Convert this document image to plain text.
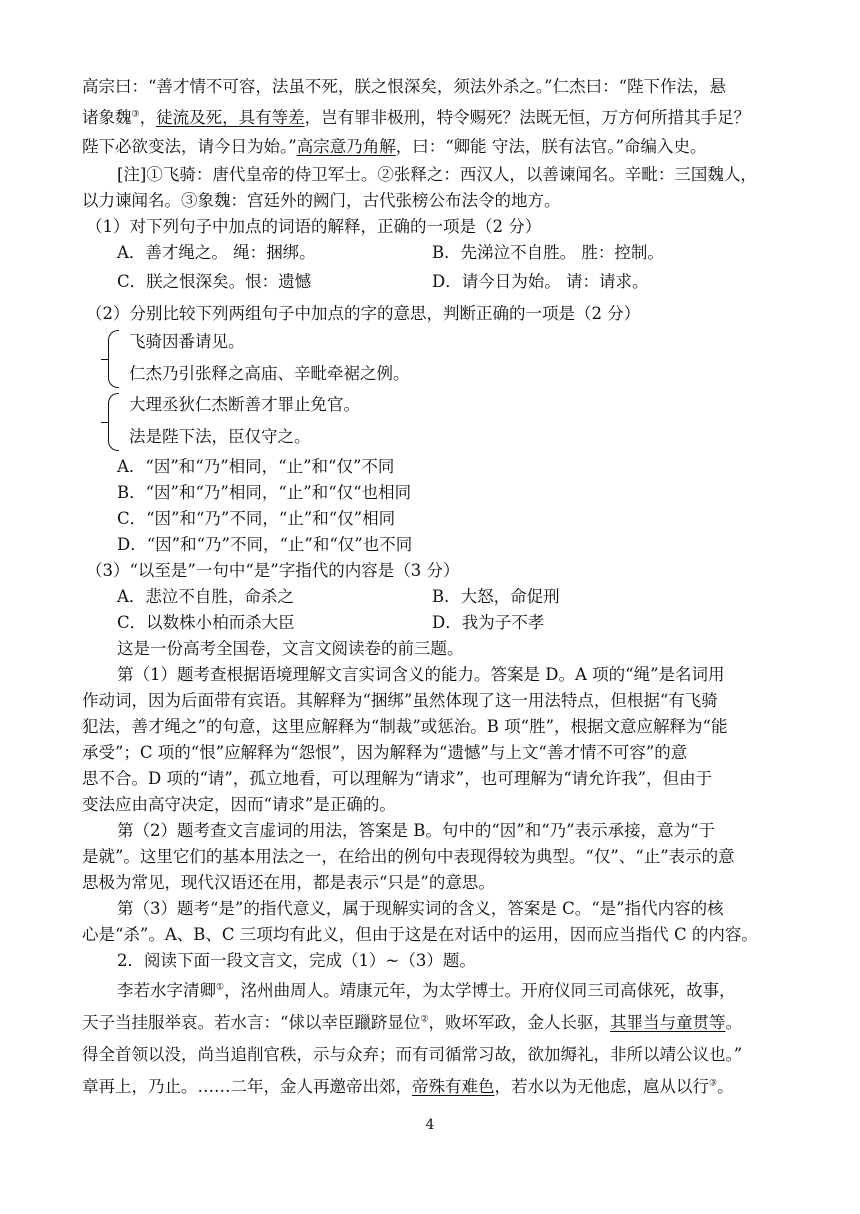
高宗曰：“善才情不可容，法虽不死，朕之恨深矣，须法外杀之。”仁杰曰：“陛下作法，悬
诸象魏③，徒流及死，具有等差，岂有罪非极刑，特令赐死？法既无恒，万方何所措其手足？
陛下必欲变法，请今日为始。”高宗意乃角解，曰：“卿能 守法，朕有法官。”命编入史。
[注]①飞骑：唐代皇帝的侍卫军士。②张释之：西汉人，以善谏闻名。辛毗：三国魏人，
以力谏闻名。③象魏：宫廷外的阙门，古代张榜公布法令的地方。
（1）对下列句子中加点的词语的解释，正确的一项是（2 分）
A．善才绳之。 绳：捆绑。	B．先涕泣不自胜。 胜：控制。
C．朕之恨深矣。恨：遗憾	D．请今日为始。 请：请求。
（2）分别比较下列两组句子中加点的字的意思，判断正确的一项是（2 分）
飞骑因番请见。
仁杰乃引张释之高庙、辛毗牵裾之例。
大理丞狄仁杰断善才罪止免官。
法是陛下法，臣仅守之。
A．“因”和“乃”相同，“止”和“仅”不同
B．“因”和“乃”相同，“止”和“仅“也相同
C．“因”和“乃”不同，“止”和“仅”相同
D．“因”和“乃”不同，“止”和“仅”也不同
（3）“以至是”一句中“是”字指代的内容是（3 分）
A．悲泣不自胜，命杀之	B．大怒，命促刑
C．以数株小柏而杀大臣	D．我为子不孝
这是一份高考全国卷，文言文阅读卷的前三题。
第（1）题考查根据语境理解文言实词含义的能力。答案是 D。A 项的“绳”是名词用
作动词，因为后面带有宾语。其解释为“捆绑”虽然体现了这一用法特点，但根据“有飞骑
犯法，善才绳之”的句意，这里应解释为“制裁”或惩治。B 项“胜”，根据文意应解释为“能
承受”；C 项的“恨”应解释为“怨恨”，因为解释为“遗憾”与上文“善才情不可容”的意
思不合。D 项的“请”，孤立地看，可以理解为“请求”，也可理解为“请允许我”，但由于
变法应由高守决定，因而“请求”是正确的。
第（2）题考查文言虚词的用法，答案是 B。句中的“因”和“乃”表示承接，意为“于
是就”。这里它们的基本用法之一，在给出的例句中表现得较为典型。“仅”、“止”表示的意
思极为常见，现代汉语还在用，都是表示“只是”的意思。
第（3）题考“是”的指代意义，属于现解实词的含义，答案是 C。“是”指代内容的核
心是“杀”。A、B、C 三项均有此义，但由于这是在对话中的运用，因而应当指代 C 的内容。
2．阅读下面一段文言文，完成（1）~（3）题。
李若水字清卿①，洺州曲周人。靖康元年，为太学博士。开府仪同三司高俅死，故事，
天子当挂服举哀。若水言：“俅以幸臣躐跻显位②，败坏军政，金人长驱，其罪当与童贯等。
得全首领以没，尚当追削官秩，示与众弃；而有司循常习故，欲加缛礼，非所以靖公议也。”
章再上，乃止。……二年，金人再邀帝出郊，帝殊有难色，若水以为无他虑，扈从以行③。
4
